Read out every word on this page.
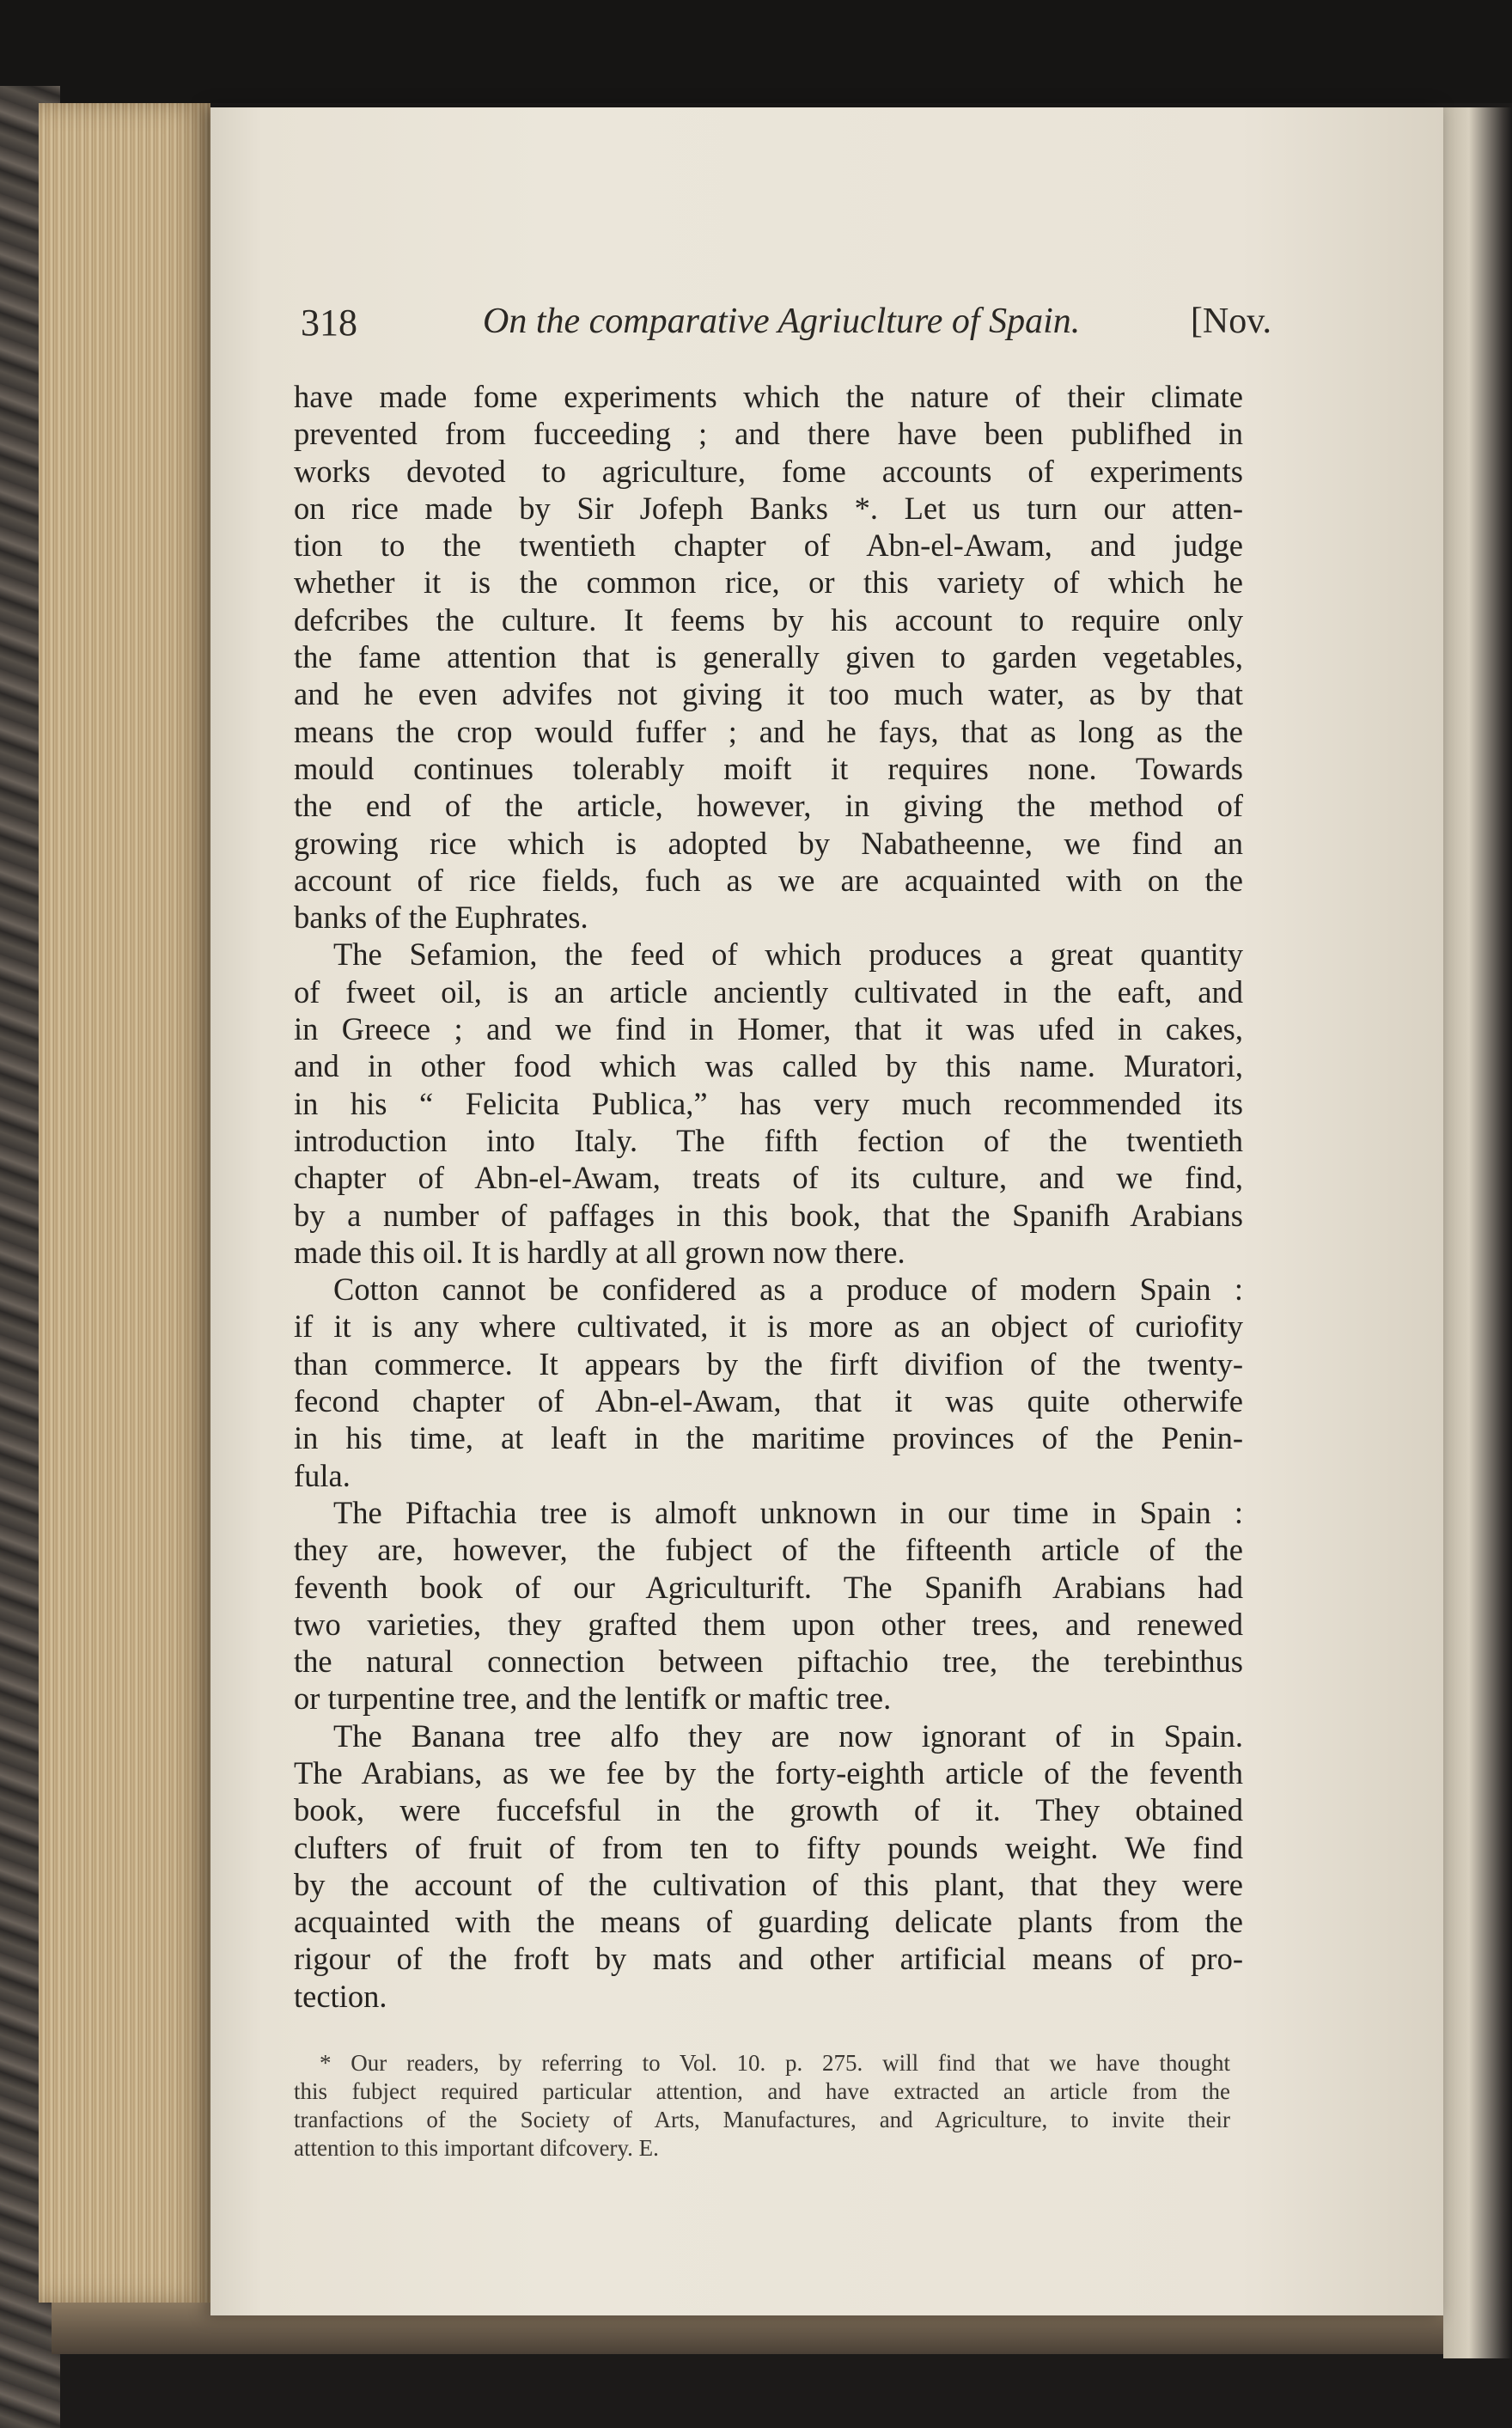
318	On the comparative Agriuclture of Spain.	[Nov.
have made fome experiments which the nature of their climate
prevented from fucceeding ; and there have been publifhed in
works devoted to agriculture, fome accounts of experiments
on rice made by Sir Jofeph Banks *. Let us turn our atten-
tion to the twentieth chapter of Abn-el-Awam, and judge
whether it is the common rice, or this variety of which he
defcribes the culture. It feems by his account to require only
the fame attention that is generally given to garden vegetables,
and he even advifes not giving it too much water, as by that
means the crop would fuffer ; and he fays, that as long as the
mould continues tolerably moift it requires none. Towards
the end of the article, however, in giving the method of
growing rice which is adopted by Nabatheenne, we find an
account of rice fields, fuch as we are acquainted with on the
banks of the Euphrates.
The Sefamion, the feed of which produces a great quantity
of fweet oil, is an article anciently cultivated in the eaft, and
in Greece ; and we find in Homer, that it was ufed in cakes,
and in other food which was called by this name. Muratori,
in his “ Felicita Publica,” has very much recommended its
introduction into Italy. The fifth fection of the twentieth
chapter of Abn-el-Awam, treats of its culture, and we find,
by a number of paffages in this book, that the Spanifh Arabians
made this oil. It is hardly at all grown now there.
Cotton cannot be confidered as a produce of modern Spain :
if it is any where cultivated, it is more as an object of curiofity
than commerce. It appears by the firft divifion of the twenty-
fecond chapter of Abn-el-Awam, that it was quite otherwife
in his time, at leaft in the maritime provinces of the Penin-
fula.
The Piftachia tree is almoft unknown in our time in Spain :
they are, however, the fubject of the fifteenth article of the
feventh book of our Agriculturift. The Spanifh Arabians had
two varieties, they grafted them upon other trees, and renewed
the natural connection between piftachio tree, the terebinthus
or turpentine tree, and the lentifk or maftic tree.
The Banana tree alfo they are now ignorant of in Spain.
The Arabians, as we fee by the forty-eighth article of the feventh
book, were fuccefsful in the growth of it. They obtained
clufters of fruit of from ten to fifty pounds weight. We find
by the account of the cultivation of this plant, that they were
acquainted with the means of guarding delicate plants from the
rigour of the froft by mats and other artificial means of pro-
tection.
* Our readers, by referring to Vol. 10. p. 275. will find that we have thought
this fubject required particular attention, and have extracted an article from the
tranfactions of the Society of Arts, Manufactures, and Agriculture, to invite their
attention to this important difcovery. E.
